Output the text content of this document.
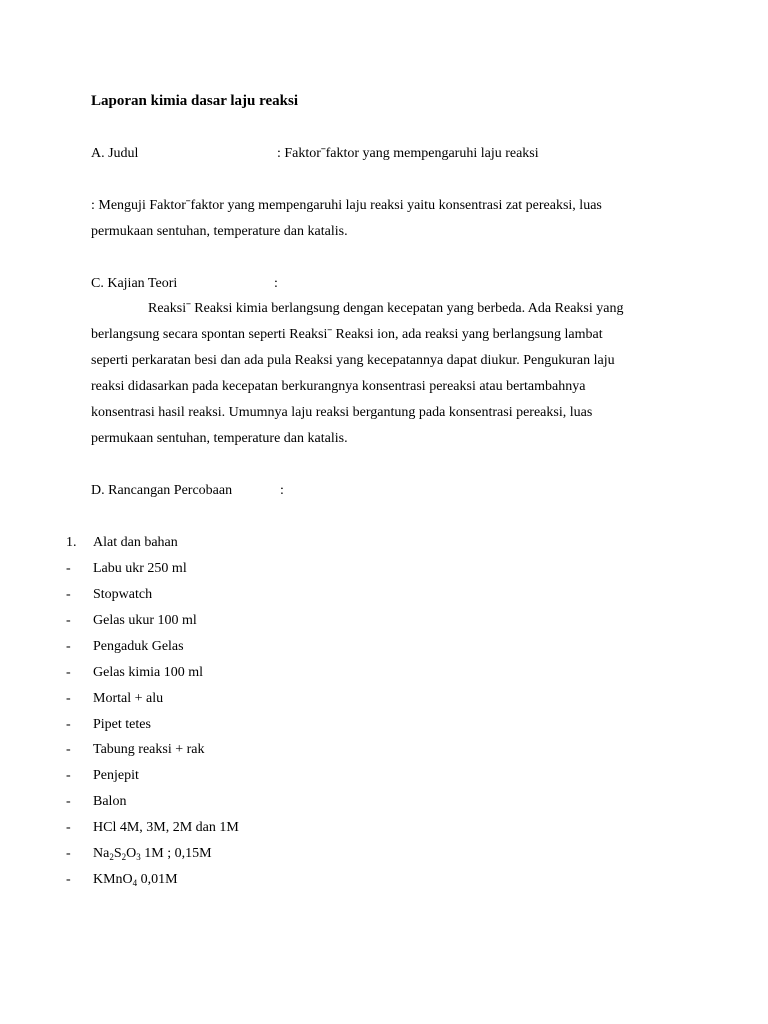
Laporan kimia dasar laju reaksi
A. Judul	: Faktorˉfaktor yang mempengaruhi laju reaksi
: Menguji Faktorˉfaktor yang mempengaruhi laju reaksi yaitu konsentrasi zat pereaksi, luas
permukaan sentuhan, temperature dan katalis.
C. Kajian Teori	:
Reaksiˉ Reaksi kimia berlangsung dengan kecepatan yang berbeda. Ada Reaksi yang
berlangsung secara spontan seperti Reaksiˉ Reaksi ion, ada reaksi yang berlangsung lambat
seperti perkaratan besi dan ada pula Reaksi yang kecepatannya dapat diukur. Pengukuran laju
reaksi didasarkan pada kecepatan berkurangnya konsentrasi pereaksi atau bertambahnya
konsentrasi hasil reaksi. Umumnya laju reaksi bergantung pada konsentrasi pereaksi, luas
permukaan sentuhan, temperature dan katalis.
D. Rancangan Percobaan	:
1. Alat dan bahan
- Labu ukr 250 ml
- Stopwatch
- Gelas ukur 100 ml
- Pengaduk Gelas
- Gelas kimia 100 ml
- Mortal + alu
- Pipet tetes
- Tabung reaksi + rak
- Penjepit
- Balon
- HCl 4M, 3M, 2M dan 1M
- $Na_2S_2O_3$ 1M ; 0,15M
- KMnO$_4$ 0,01M
